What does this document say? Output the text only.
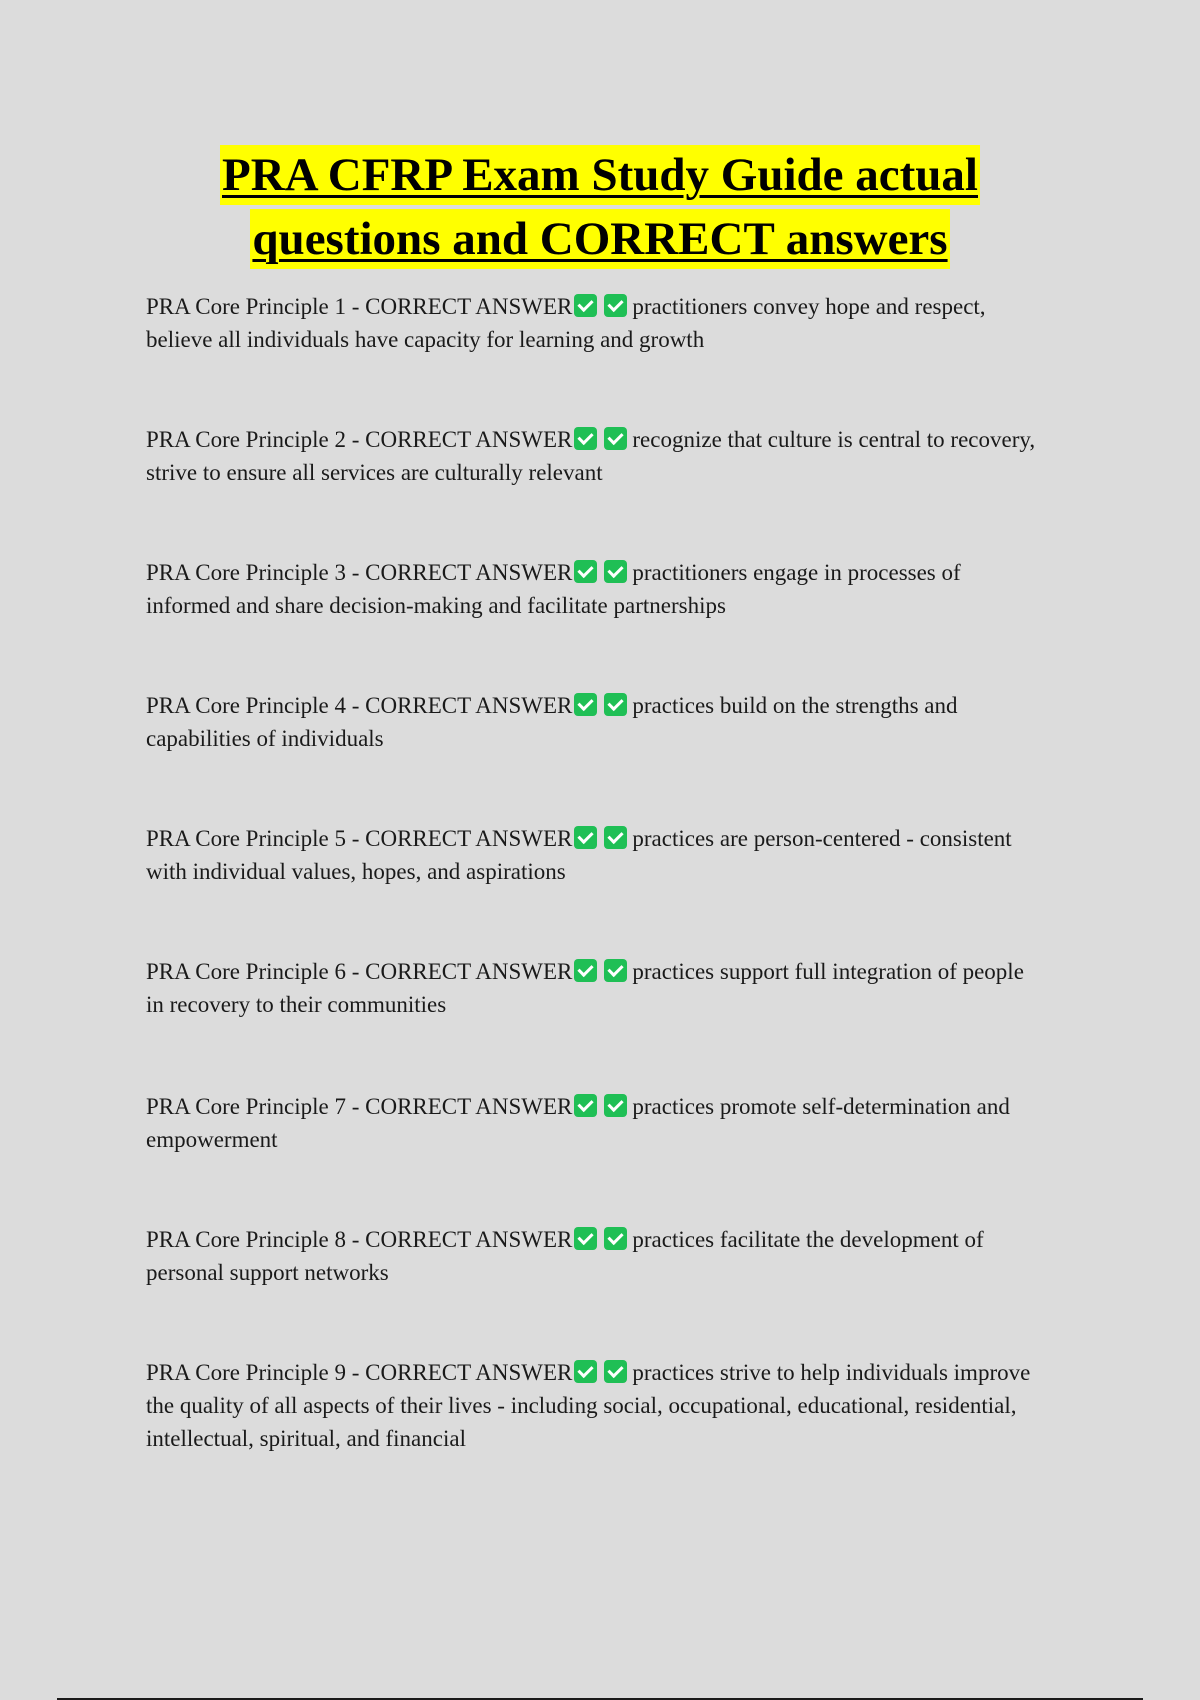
PRA CFRP Exam Study Guide actual
questions and CORRECT answers
PRA Core Principle 1 - CORRECT ANSWER	practitioners convey hope and respect, believe all individuals have capacity for learning and growth
PRA Core Principle 2 - CORRECT ANSWER	recognize that culture is central to recovery, strive to ensure all services are culturally relevant
PRA Core Principle 3 - CORRECT ANSWER	practitioners engage in processes of informed and share decision-making and facilitate partnerships
PRA Core Principle 4 - CORRECT ANSWER	practices build on the strengths and capabilities of individuals
PRA Core Principle 5 - CORRECT ANSWER	practices are person-centered - consistent with individual values, hopes, and aspirations
PRA Core Principle 6 - CORRECT ANSWER	practices support full integration of people in recovery to their communities
PRA Core Principle 7 - CORRECT ANSWER	practices promote self-determination and empowerment
PRA Core Principle 8 - CORRECT ANSWER	practices facilitate the development of personal support networks
PRA Core Principle 9 - CORRECT ANSWER	practices strive to help individuals improve the quality of all aspects of their lives - including social, occupational, educational, residential, intellectual, spiritual, and financial
